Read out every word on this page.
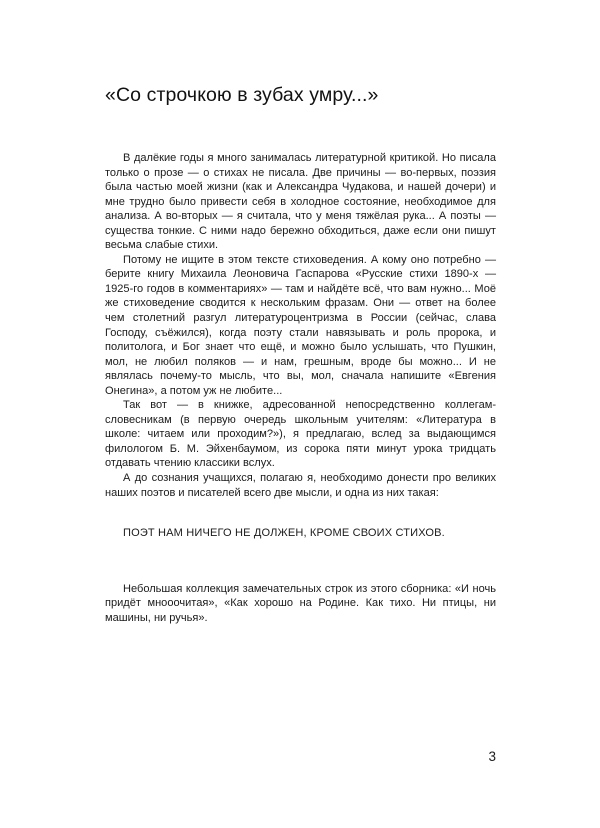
«Со строчкою в зубах умру...»

В далёкие годы я много занималась литературной критикой. Но писала только о прозе — о стихах не писала. Две причины — во-первых, поэзия была частью моей жизни (как и Александра Чудакова, и нашей дочери) и мне трудно было привести себя в холодное состояние, необходимое для анализа. А во-вторых — я считала, что у меня тяжёлая рука... А поэты — существа тонкие. С ними надо бережно обходиться, даже если они пишут весьма слабые стихи.

Потому не ищите в этом тексте стиховедения. А кому оно потребно — берите книгу Михаила Леоновича Гаспарова «Русские стихи 1890-х — 1925-го годов в комментариях» — там и найдёте всё, что вам нужно... Моё же стиховедение сводится к нескольким фразам. Они — ответ на более чем столетний разгул литературоцентризма в России (сейчас, слава Господу, съёжился), когда поэту стали навязывать и роль пророка, и политолога, и Бог знает что ещё, и можно было услышать, что Пушкин, мол, не любил поляков — и нам, грешным, вроде бы можно... И не являлась почему-то мысль, что вы, мол, сначала напишите «Евгения Онегина», а потом уж не любите...

Так вот — в книжке, адресованной непосредственно коллегам-словесникам (в первую очередь школьным учителям: «Литература в школе: читаем или проходим?»), я предлагаю, вслед за выдающимся филологом Б. М. Эйхенбаумом, из сорока пяти минут урока тридцать отдавать чтению классики вслух.

А до сознания учащихся, полагаю я, необходимо донести про великих наших поэтов и писателей всего две мысли, и одна из них такая:

ПОЭТ НАМ НИЧЕГО НЕ ДОЛЖЕН, КРОМЕ СВОИХ СТИХОВ.

Небольшая коллекция замечательных строк из этого сборника: «И ночь придёт мнооочитая», «Как хорошо на Родине. Как тихо. Ни птицы, ни машины, ни ручья».

3
